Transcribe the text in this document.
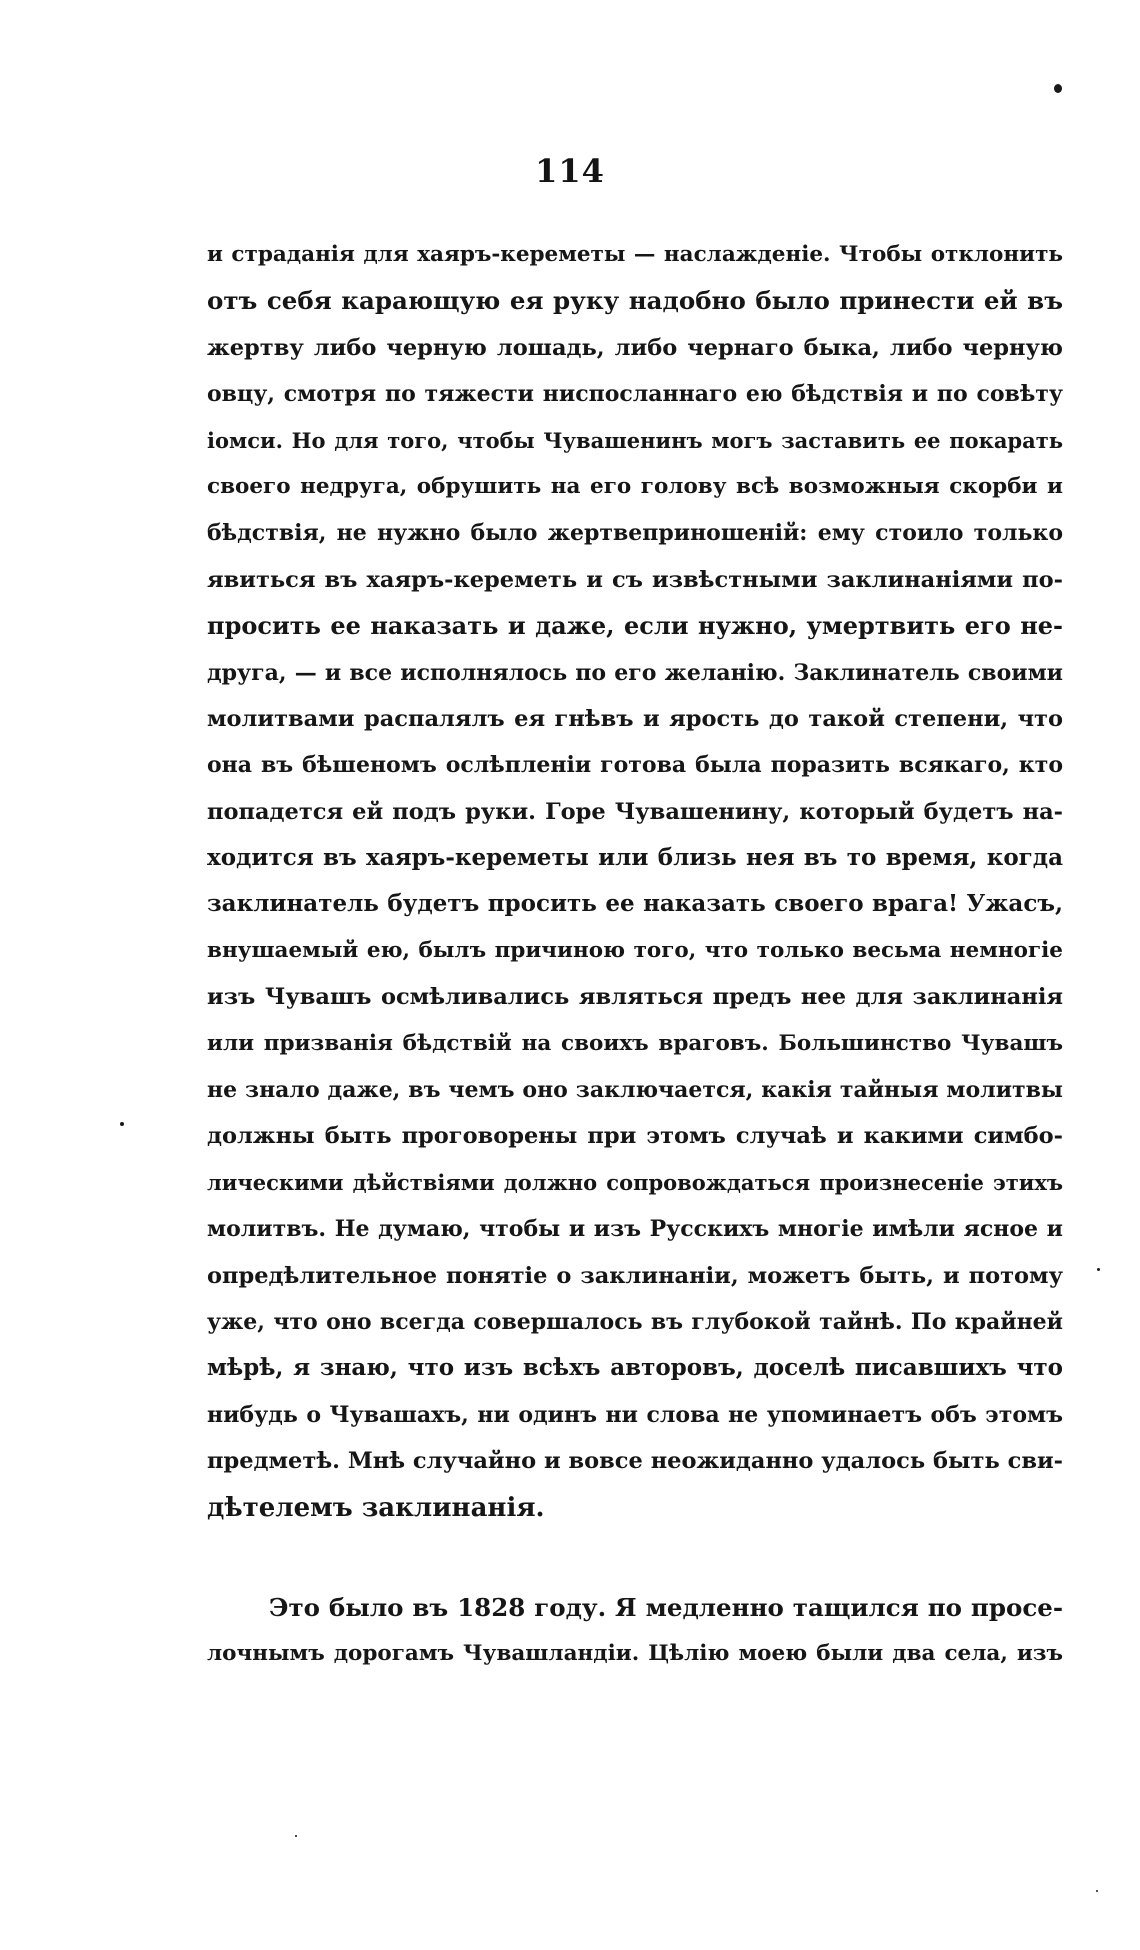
114
и страданія для хаяръ-кереметы — наслажденіе. Чтобы отклонить
отъ себя карающую ея руку надобно было принести ей въ
жертву либо черную лошадь, либо чернаго быка, либо черную
овцу, смотря по тяжести ниспосланнаго ею бѣдствія и по совѣту
іомси. Но для того, чтобы Чувашенинъ могъ заставить ее покарать
своего недруга, обрушить на его голову всѣ возможныя скорби и
бѣдствія, не нужно было жертвеприношеній: ему стоило только
явиться въ хаяръ-кереметь и съ извѣстными заклинаніями по-
просить ее наказать и даже, если нужно, умертвить его не-
друга, — и все исполнялось по его желанію. Заклинатель своими
молитвами распалялъ ея гнѣвъ и ярость до такой степени, что
она въ бѣшеномъ ослѣпленіи готова была поразить всякаго, кто
попадется ей подъ руки. Горе Чувашенину, который будетъ на-
ходится въ хаяръ-кереметы или близь нея въ то время, когда
заклинатель будетъ просить ее наказать своего врага! Ужасъ,
внушаемый ею, былъ причиною того, что только весьма немногіе
изъ Чувашъ осмѣливались являться предъ нее для заклинанія
или призванія бѣдствій на своихъ враговъ. Большинство Чувашъ
не знало даже, въ чемъ оно заключается, какія тайныя молитвы
должны быть проговорены при этомъ случаѣ и какими симбо-
лическими дѣйствіями должно сопровождаться произнесеніе этихъ
молитвъ. Не думаю, чтобы и изъ Русскихъ многіе имѣли ясное и
опредѣлительное понятіе о заклинаніи, можетъ быть, и потому
уже, что оно всегда совершалось въ глубокой тайнѣ. По крайней
мѣрѣ, я знаю, что изъ всѣхъ авторовъ, доселѣ писавшихъ что
нибудь о Чувашахъ, ни одинъ ни слова не упоминаетъ объ этомъ
предметѣ. Мнѣ случайно и вовсе неожиданно удалось быть сви-
дѣтелемъ заклинанія.
Это было въ 1828 году. Я медленно тащился по просе-
лочнымъ дорогамъ Чувашландіи. Цѣлію моею были два села, изъ
